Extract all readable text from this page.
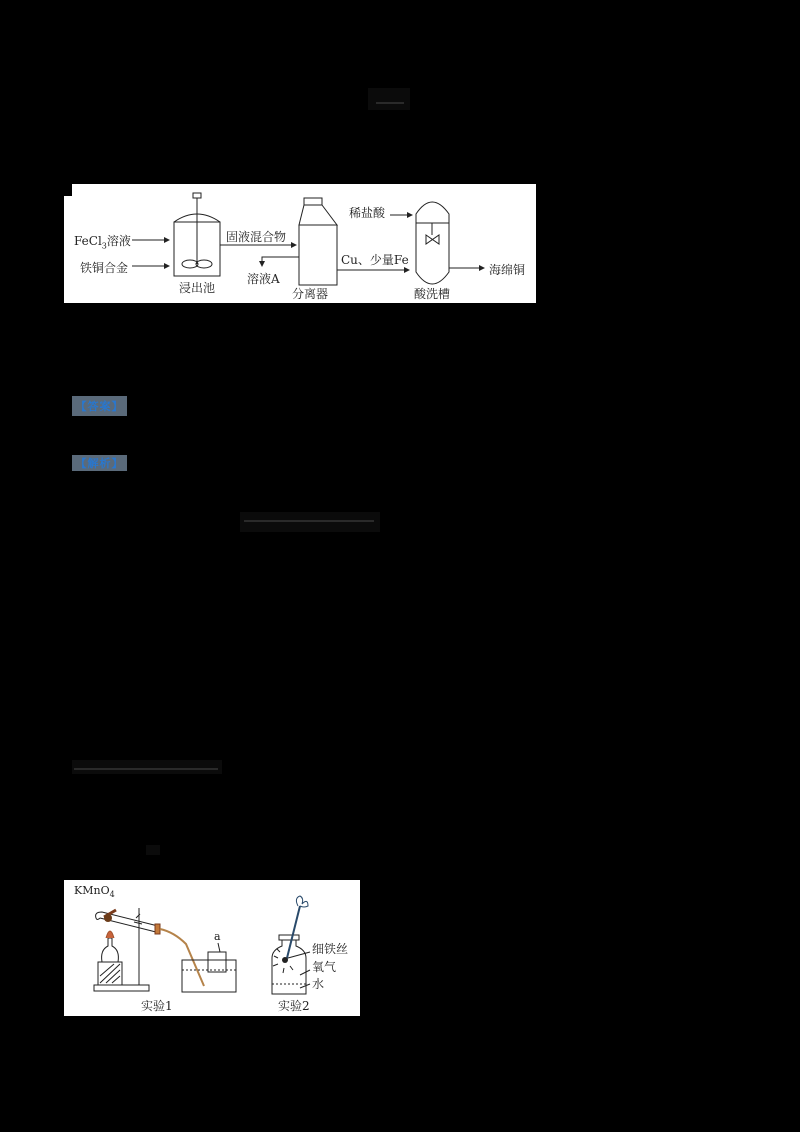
FeCl$_3$溶液
铁铜合金
浸出池
固液混合物
溶液A
分离器
Cu、少量Fe
稀盐酸
酸洗槽
海绵铜
【答案】
【解析】
KMnO$_4$
a
细铁丝
氧气
水
实验1	实验2
